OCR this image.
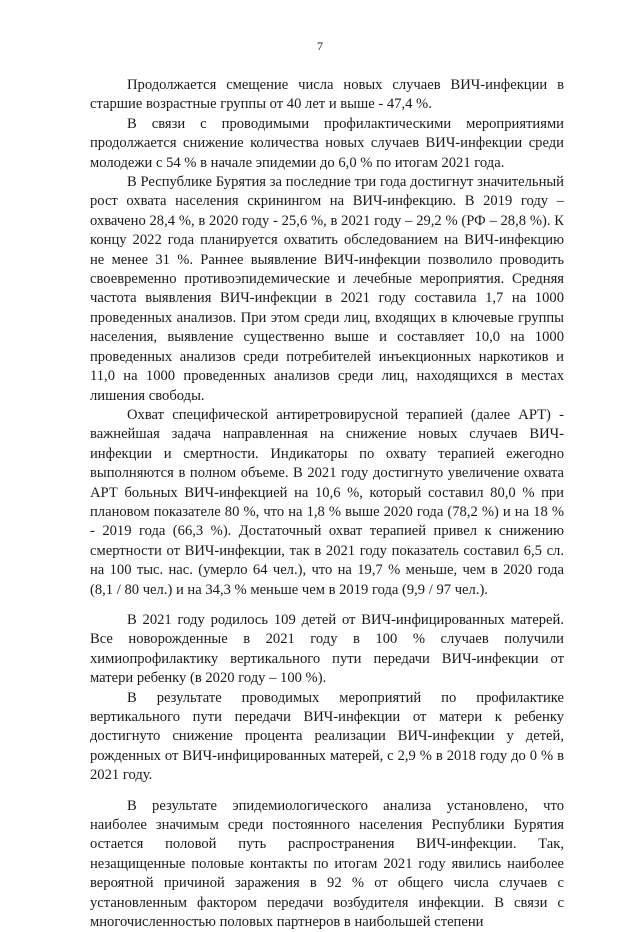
7

Продолжается смещение числа новых случаев ВИЧ-инфекции в старшие возрастные группы от 40 лет и выше - 47,4 %.

В связи с проводимыми профилактическими мероприятиями продолжается снижение количества новых случаев ВИЧ-инфекции среди молодежи с 54 % в начале эпидемии до 6,0 % по итогам 2021 года.

В Республике Бурятия за последние три года достигнут значительный рост охвата населения скринингом на ВИЧ-инфекцию. В 2019 году – охвачено 28,4 %, в 2020 году - 25,6 %, в 2021 году – 29,2 % (РФ – 28,8 %). К концу 2022 года планируется охватить обследованием на ВИЧ-инфекцию не менее 31 %. Раннее выявление ВИЧ-инфекции позволило проводить своевременно противоэпидемические и лечебные мероприятия. Средняя частота выявления ВИЧ-инфекции в 2021 году составила 1,7 на 1000 проведенных анализов. При этом среди лиц, входящих в ключевые группы населения, выявление существенно выше и составляет 10,0 на 1000 проведенных анализов среди потребителей инъекционных наркотиков и 11,0 на 1000 проведенных анализов среди лиц, находящихся в местах лишения свободы.

Охват специфической антиретровирусной терапией (далее АРТ) - важнейшая задача направленная на снижение новых случаев ВИЧ-инфекции и смертности. Индикаторы по охвату терапией ежегодно выполняются в полном объеме. В 2021 году достигнуто увеличение охвата АРТ больных ВИЧ-инфекцией на 10,6 %, который составил 80,0 % при плановом показателе 80 %, что на 1,8 % выше 2020 года (78,2 %) и на 18 % - 2019 года (66,3 %). Достаточный охват терапией привел к снижению смертности от ВИЧ-инфекции, так в 2021 году показатель составил 6,5 сл. на 100 тыс. нас. (умерло 64 чел.), что на 19,7 % меньше, чем в 2020 года (8,1 / 80 чел.) и на 34,3 % меньше чем в 2019 года (9,9 / 97 чел.).

В 2021 году родилось 109 детей от ВИЧ-инфицированных матерей. Все новорожденные в 2021 году в 100 % случаев получили химиопрофилактику вертикального пути передачи ВИЧ-инфекции от матери ребенку (в 2020 году – 100 %).

В результате проводимых мероприятий по профилактике вертикального пути передачи ВИЧ-инфекции от матери к ребенку достигнуто снижение процента реализации ВИЧ-инфекции у детей, рожденных от ВИЧ-инфицированных матерей, с 2,9 % в 2018 году до 0 % в 2021 году.

В результате эпидемиологического анализа установлено, что наиболее значимым среди постоянного населения Республики Бурятия остается половой путь распространения ВИЧ-инфекции. Так, незащищенные половые контакты по итогам 2021 году явились наиболее вероятной причиной заражения в 92 % от общего числа случаев с установленным фактором передачи возбудителя инфекции. В связи с многочисленностью половых партнеров в наибольшей степени
